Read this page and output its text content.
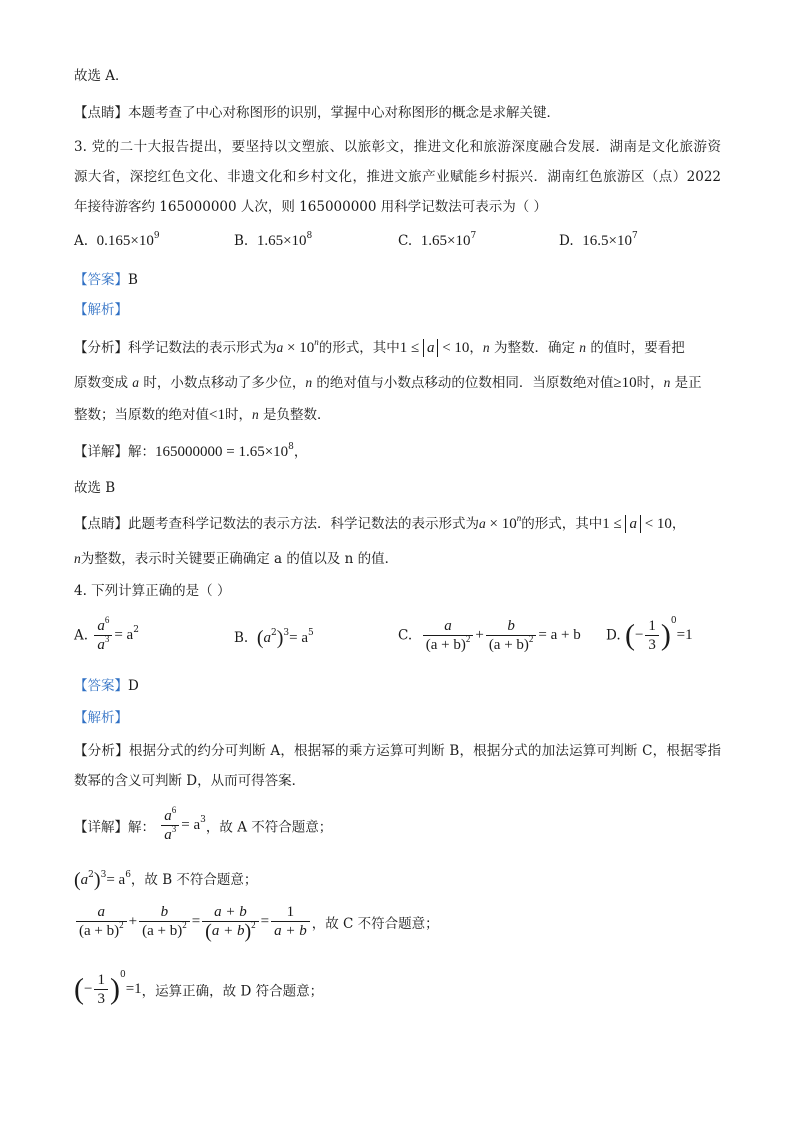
故选 A．
【点睛】本题考查了中心对称图形的识别，掌握中心对称图形的概念是求解关键．
3. 党的二十大报告提出，要坚持以文塑旅、以旅彰文，推进文化和旅游深度融合发展．湖南是文化旅游资
源大省，深挖红色文化、非遗文化和乡村文化，推进文旅产业赋能乡村振兴．湖南红色旅游区（点）2022
年接待游客约 165000000 人次，则 165000000 用科学记数法可表示为（ ）
A. $0.165\times 10^9$	B. $1.65\times 10^8$	C. $1.65\times 10^7$	D. $16.5\times 10^7$
【答案】B
【解析】
【分析】科学记数法的表示形式为$a \times 10^n$的形式，其中1 ≤ a < 10，n 为整数．确定 n 的值时，要看把
原数变成 a 时，小数点移动了多少位，n 的绝对值与小数点移动的位数相同．当原数绝对值≥10时，n 是正
整数；当原数的绝对值<1时，n 是负整数．
【详解】解：$165000000 = 1.65\times 10^8$，
故选 B
【点睛】此题考查科学记数法的表示方法．科学记数法的表示形式为$a \times 10^n$的形式，其中1 ≤ a < 10，
n为整数，表示时关键要正确确定 a 的值以及 n 的值．
4. 下列计算正确的是（ ）
A. $\frac{a^6}{a^3} = a^2$	B. $(a^2)^3= a^5$	C. $\frac{a}{(a + b)^2} + \frac{b}{(a + b)^2} = a + b$ D. (− $\frac{1}{3} )^0=1$
【答案】D
【解析】
【分析】根据分式的约分可判断 A，根据幂的乘方运算可判断 B，根据分式的加法运算可判断 C，根据零指
数幂的含义可判断 D，从而可得答案．
【详解】解： $\frac{a^6}{a^3} = a^3$，故 A 不符合题意；
$(a^2)^3= a^6$，故 B 不符合题意；
$\frac{a}{(a + b)^2} + \frac{b}{(a + b)^2} = \frac{a + b}{(a + b)^2} = \frac{1}{a + b}$ ，故 C 不符合题意；
(− $\frac{1}{3} )^0=1$，运算正确，故 D 符合题意；
